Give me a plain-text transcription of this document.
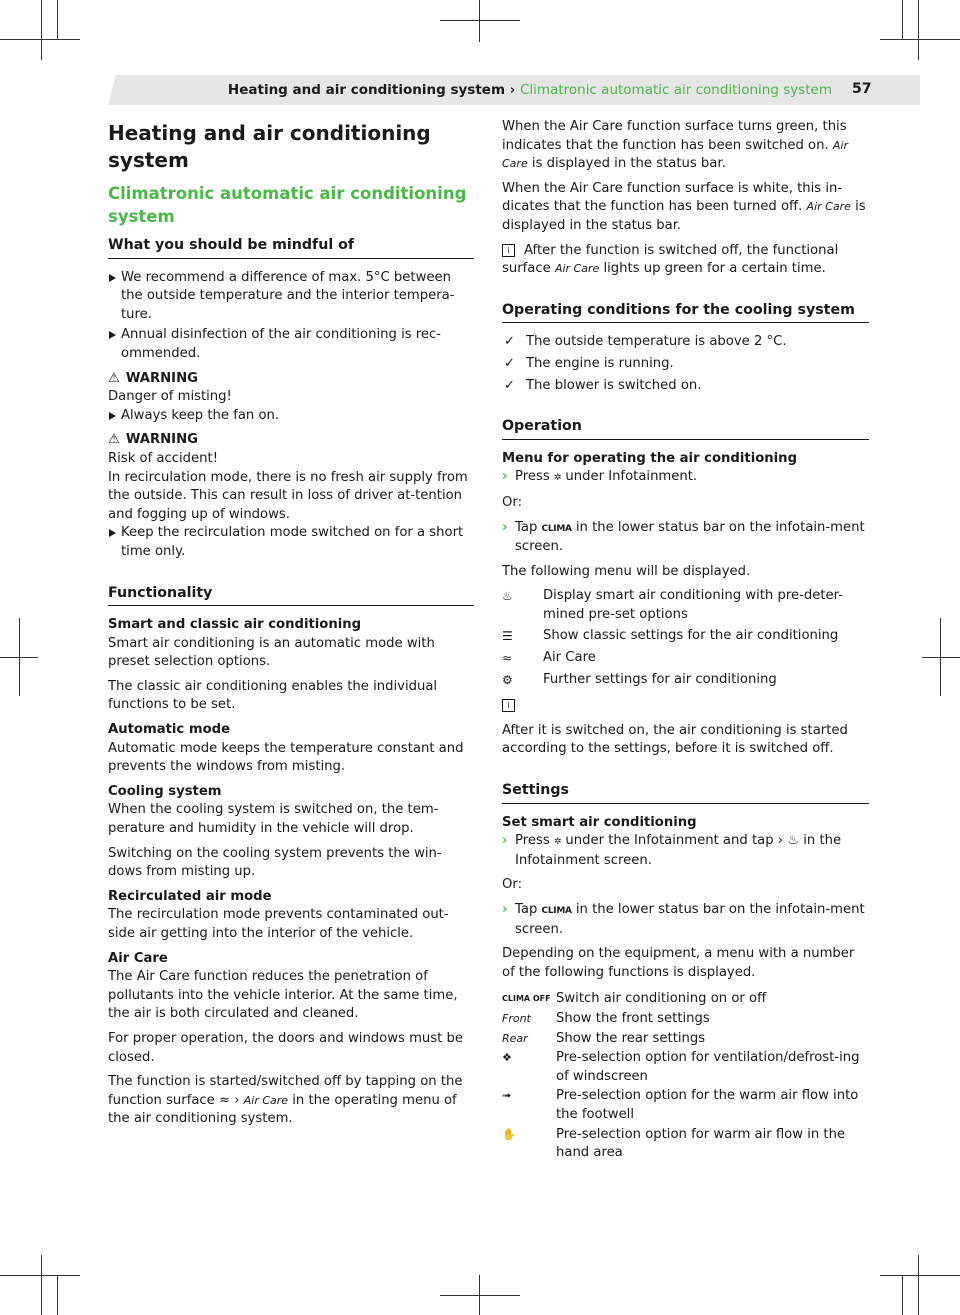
Heating and air conditioning system › Climatronic automatic air conditioning system 57
Heating and air conditioning system
Climatronic automatic air conditioning system
What you should be mindful of
We recommend a difference of max. 5°C between the outside temperature and the interior tempera-ture.
Annual disinfection of the air conditioning is rec-ommended.
⚠ WARNING
Danger of misting!
Always keep the fan on.
⚠ WARNING
Risk of accident!
In recirculation mode, there is no fresh air supply from the outside. This can result in loss of driver at-tention and fogging up of windows.
Keep the recirculation mode switched on for a short time only.
Functionality

Smart and classic air conditioning
Smart air conditioning is an automatic mode with preset selection options.

The classic air conditioning enables the individual functions to be set.

Automatic mode
Automatic mode keeps the temperature constant and prevents the windows from misting.

Cooling system
When the cooling system is switched on, the tem-perature and humidity in the vehicle will drop.

Switching on the cooling system prevents the win-dows from misting up.

Recirculated air mode
The recirculation mode prevents contaminated out-side air getting into the interior of the vehicle.

Air Care
The Air Care function reduces the penetration of pollutants into the vehicle interior. At the same time, the air is both circulated and cleaned.

For proper operation, the doors and windows must be closed.

The function is started/switched off by tapping on the function surface ≈ › Air Care in the operating menu of the air conditioning system.

When the Air Care function surface turns green, this indicates that the function has been switched on. Air Care is displayed in the status bar.

When the Air Care function surface is white, this in-dicates that the function has been turned off. Air Care is displayed in the status bar.

i After the function is switched off, the functional surface Air Care lights up green for a certain time.

Operating conditions for the cooling system
✓ The outside temperature is above 2 °C.
✓ The engine is running.
✓ The blower is switched on.
Operation
Menu for operating the air conditioning
› Press ✲ under Infotainment.

Or:

› Tap CLIMA in the lower status bar on the infotain-ment screen.

The following menu will be displayed.

♨	Display smart air conditioning with pre-deter-mined pre-set options
☰	Show classic settings for the air conditioning
≈	Air Care
⚙	Further settings for air conditioning

i

After it is switched on, the air conditioning is started according to the settings, before it is switched off.

Settings
Set smart air conditioning
› Press ✲ under the Infotainment and tap › ♨ in the Infotainment screen.

Or:

› Tap CLIMA in the lower status bar on the infotain-ment screen.

Depending on the equipment, a menu with a number of the following functions is displayed.

CLIMA OFF Switch air conditioning on or off
Front	Show the front settings
Rear	Show the rear settings
❖	Pre-selection option for ventilation/defrost-ing of windscreen
➟	Pre-selection option for the warm air flow into the footwell
✋	Pre-selection option for warm air flow in the hand area
